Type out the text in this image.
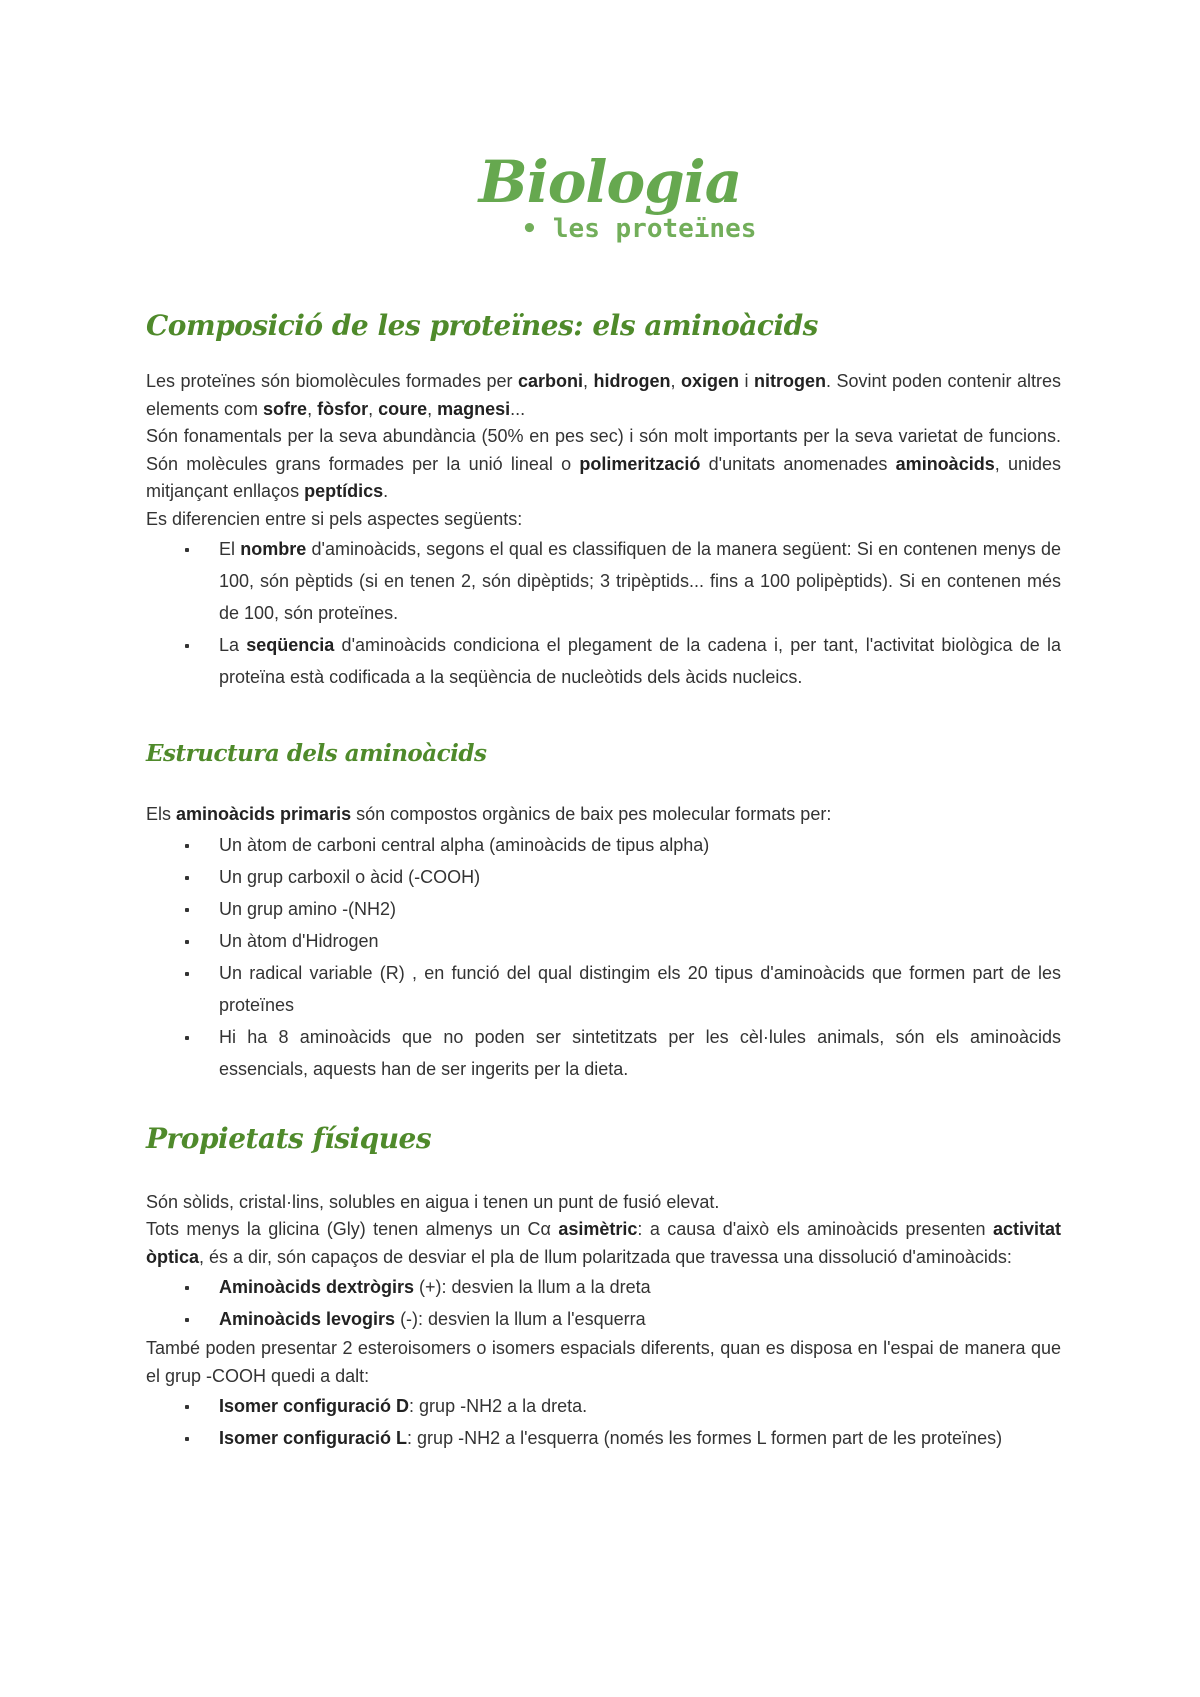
Biologia
• les proteïnes
Composició de les proteïnes: els aminoàcids

Les proteïnes són biomolècules formades per carboni, hidrogen, oxigen i nitrogen. Sovint poden contenir altres elements com sofre, fòsfor, coure, magnesi...

Són fonamentals per la seva abundància (50% en pes sec) i són molt importants per la seva varietat de funcions. Són molècules grans formades per la unió lineal o polimerització d'unitats anomenades aminoàcids, unides mitjançant enllaços peptídics.

Es diferencien entre si pels aspectes següents:

El nombre d'aminoàcids, segons el qual es classifiquen de la manera següent: Si en contenen menys de 100, són pèptids (si en tenen 2, són dipèptids; 3 tripèptids... fins a 100 polipèptids). Si en contenen més de 100, són proteïnes.
La seqüencia d'aminoàcids condiciona el plegament de la cadena i, per tant, l'activitat biològica de la proteïna està codificada a la seqüència de nucleòtids dels àcids nucleics.
Estructura dels aminoàcids

Els aminoàcids primaris són compostos orgànics de baix pes molecular formats per:

Un àtom de carboni central alpha (aminoàcids de tipus alpha)
Un grup carboxil o àcid (-COOH)
Un grup amino -(NH2)
Un àtom d'Hidrogen
Un radical variable (R) , en funció del qual distingim els 20 tipus d'aminoàcids que formen part de les proteïnes
Hi ha 8 aminoàcids que no poden ser sintetitzats per les cèl·lules animals, són els aminoàcids essencials, aquests han de ser ingerits per la dieta.
Propietats físiques

Són sòlids, cristal·lins, solubles en aigua i tenen un punt de fusió elevat.

Tots menys la glicina (Gly) tenen almenys un Cα asimètric: a causa d'això els aminoàcids presenten activitat òptica, és a dir, són capaços de desviar el pla de llum polaritzada que travessa una dissolució d'aminoàcids:

Aminoàcids dextrògirs (+): desvien la llum a la dreta
Aminoàcids levogirs (-): desvien la llum a l'esquerra

També poden presentar 2 esteroisomers o isomers espacials diferents, quan es disposa en l'espai de manera que el grup -COOH quedi a dalt:

Isomer configuració D: grup -NH2 a la dreta.
Isomer configuració L: grup -NH2 a l'esquerra (només les formes L formen part de les proteïnes)
